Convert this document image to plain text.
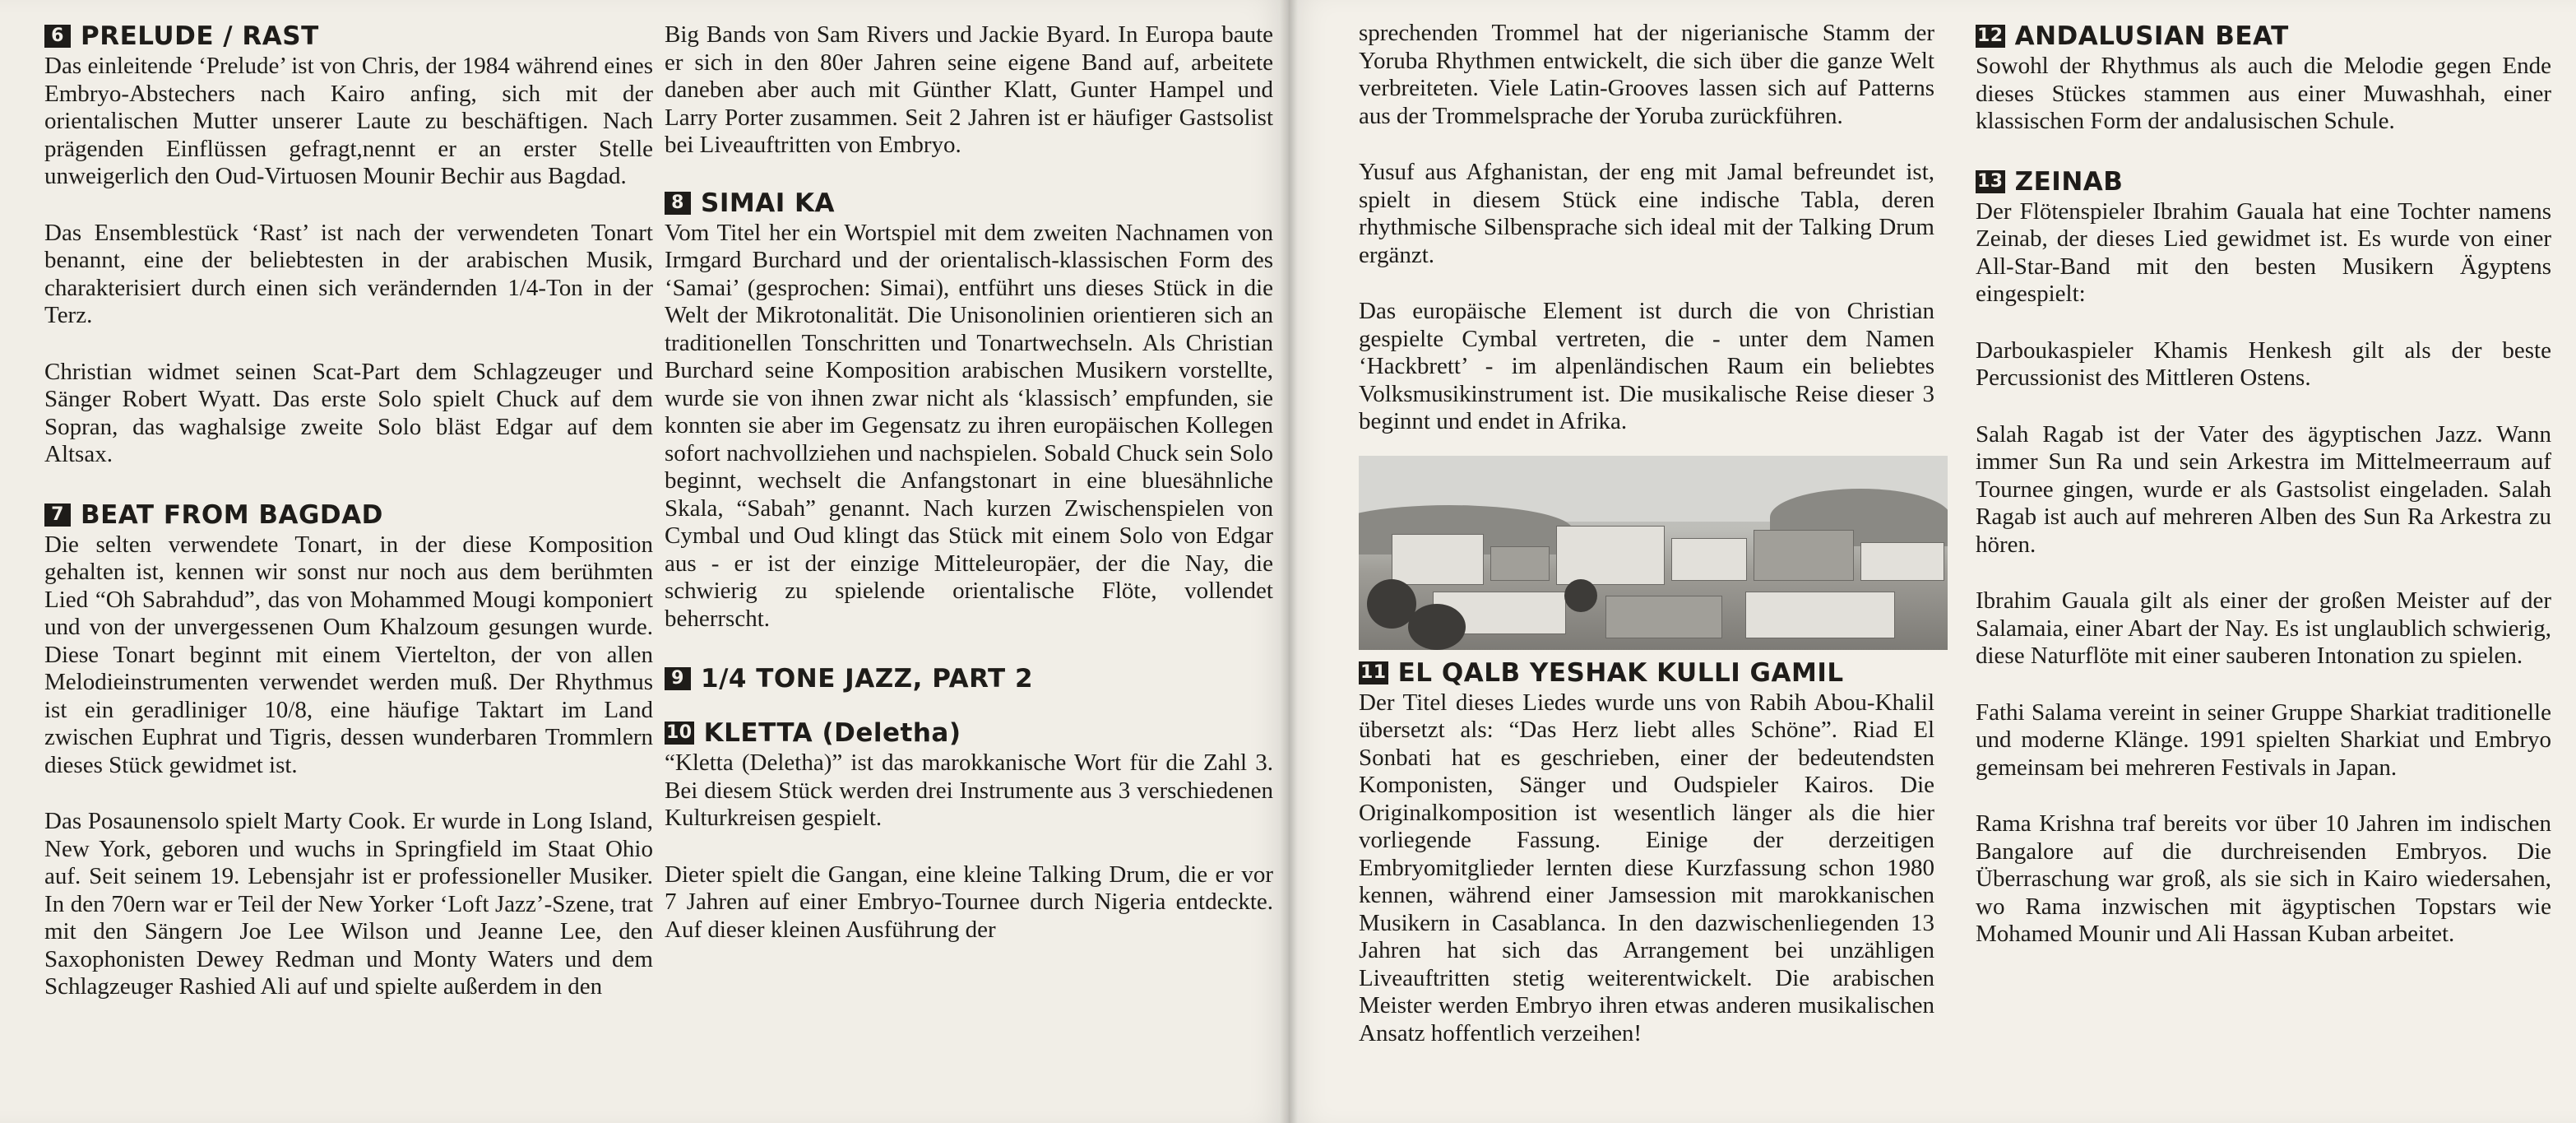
6 PRELUDE / RAST

Das einleitende ‘Prelude’ ist von Chris, der 1984 während eines Embryo-Abstechers nach Kairo anfing, sich mit der orientalischen Mutter unserer Laute zu beschäftigen. Nach prägenden Einflüssen gefragt,nennt er an erster Stelle unweigerlich den Oud-Virtuosen Mounir Bechir aus Bagdad.

Das Ensemblestück ‘Rast’ ist nach der verwendeten Tonart benannt, eine der beliebtesten in der arabischen Musik, charakterisiert durch einen sich verändernden 1/4-Ton in der Terz.

Christian widmet seinen Scat-Part dem Schlagzeuger und Sänger Robert Wyatt. Das erste Solo spielt Chuck auf dem Sopran, das waghalsige zweite Solo bläst Edgar auf dem Altsax.

7 BEAT FROM BAGDAD

Die selten verwendete Tonart, in der diese Komposition gehalten ist, kennen wir sonst nur noch aus dem berühmten Lied “Oh Sabrahdud”, das von Mohammed Mougi komponiert und von der unvergessenen Oum Khalzoum gesungen wurde. Diese Tonart beginnt mit einem Viertelton, der von allen Melodieinstrumenten verwendet werden muß. Der Rhythmus ist ein geradliniger 10/8, eine häufige Taktart im Land zwischen Euphrat und Tigris, dessen wunderbaren Trommlern dieses Stück gewidmet ist.

Das Posaunensolo spielt Marty Cook. Er wurde in Long Island, New York, geboren und wuchs in Springfield im Staat Ohio auf. Seit seinem 19. Lebensjahr ist er professioneller Musiker. In den 70ern war er Teil der New Yorker ‘Loft Jazz’-Szene, trat mit den Sängern Joe Lee Wilson und Jeanne Lee, den Saxophonisten Dewey Redman und Monty Waters und dem Schlagzeuger Rashied Ali auf und spielte außerdem in den

Big Bands von Sam Rivers und Jackie Byard. In Europa baute er sich in den 80er Jahren seine eigene Band auf, arbeitete daneben aber auch mit Günther Klatt, Gunter Hampel und Larry Porter zusammen. Seit 2 Jahren ist er häufiger Gastsolist bei Liveauftritten von Embryo.

8 SIMAI KA

Vom Titel her ein Wortspiel mit dem zweiten Nachnamen von Irmgard Burchard und der orientalisch-klassischen Form des ‘Samai’ (gesprochen: Simai), entführt uns dieses Stück in die Welt der Mikrotonalität. Die Unisonolinien orientieren sich an traditionellen Tonschritten und Tonartwechseln. Als Christian Burchard seine Komposition arabischen Musikern vorstellte, wurde sie von ihnen zwar nicht als ‘klassisch’ empfunden, sie konnten sie aber im Gegensatz zu ihren europäischen Kollegen sofort nachvollziehen und nachspielen. Sobald Chuck sein Solo beginnt, wechselt die Anfangstonart in eine bluesähnliche Skala, “Sabah” genannt. Nach kurzen Zwischenspielen von Cymbal und Oud klingt das Stück mit einem Solo von Edgar aus - er ist der einzige Mitteleuropäer, der die Nay, die schwierig zu spielende orientalische Flöte, vollendet beherrscht.

9 1/4 TONE JAZZ, PART 2
10 KLETTA (Deletha)

“Kletta (Deletha)” ist das marokkanische Wort für die Zahl 3. Bei diesem Stück werden drei Instrumente aus 3 verschiedenen Kulturkreisen gespielt.

Dieter spielt die Gangan, eine kleine Talking Drum, die er vor 7 Jahren auf einer Embryo-Tournee durch Nigeria entdeckte. Auf dieser kleinen Ausführung der

sprechenden Trommel hat der nigerianische Stamm der Yoruba Rhythmen entwickelt, die sich über die ganze Welt verbreiteten. Viele Latin-Grooves lassen sich auf Patterns aus der Trommelsprache der Yoruba zurückführen.

Yusuf aus Afghanistan, der eng mit Jamal befreundet ist, spielt in diesem Stück eine indische Tabla, deren rhythmische Silbensprache sich ideal mit der Talking Drum ergänzt.

Das europäische Element ist durch die von Christian gespielte Cymbal vertreten, die - unter dem Namen ‘Hackbrett’ - im alpenländischen Raum ein beliebtes Volksmusikinstrument ist. Die musikalische Reise dieser 3 beginnt und endet in Afrika.

11 EL QALB YESHAK KULLI GAMIL

Der Titel dieses Liedes wurde uns von Rabih Abou-Khalil übersetzt als: “Das Herz liebt alles Schöne”. Riad El Sonbati hat es geschrieben, einer der bedeutendsten Komponisten, Sänger und Oudspieler Kairos. Die Originalkomposition ist wesentlich länger als die hier vorliegende Fassung. Einige der derzeitigen Embryomitglieder lernten diese Kurzfassung schon 1980 kennen, während einer Jamsession mit marokkanischen Musikern in Casablanca. In den dazwischenliegenden 13 Jahren hat sich das Arrangement bei unzähligen Liveauftritten stetig weiterentwickelt. Die arabischen Meister werden Embryo ihren etwas anderen musikalischen Ansatz hoffentlich verzeihen!

12 ANDALUSIAN BEAT

Sowohl der Rhythmus als auch die Melodie gegen Ende dieses Stückes stammen aus einer Muwashhah, einer klassischen Form der andalusischen Schule.

13 ZEINAB

Der Flötenspieler Ibrahim Gauala hat eine Tochter namens Zeinab, der dieses Lied gewidmet ist. Es wurde von einer All-Star-Band mit den besten Musikern Ägyptens eingespielt:

Darboukaspieler Khamis Henkesh gilt als der beste Percussionist des Mittleren Ostens.

Salah Ragab ist der Vater des ägyptischen Jazz. Wann immer Sun Ra und sein Arkestra im Mittelmeerraum auf Tournee gingen, wurde er als Gastsolist eingeladen. Salah Ragab ist auch auf mehreren Alben des Sun Ra Arkestra zu hören.

Ibrahim Gauala gilt als einer der großen Meister auf der Salamaia, einer Abart der Nay. Es ist unglaublich schwierig, diese Naturflöte mit einer sauberen Intonation zu spielen.

Fathi Salama vereint in seiner Gruppe Sharkiat traditionelle und moderne Klänge. 1991 spielten Sharkiat und Embryo gemeinsam bei mehreren Festivals in Japan.

Rama Krishna traf bereits vor über 10 Jahren im indischen Bangalore auf die durchreisenden Embryos. Die Überraschung war groß, als sie sich in Kairo wiedersahen, wo Rama inzwischen mit ägyptischen Topstars wie Mohamed Mounir und Ali Hassan Kuban arbeitet.
